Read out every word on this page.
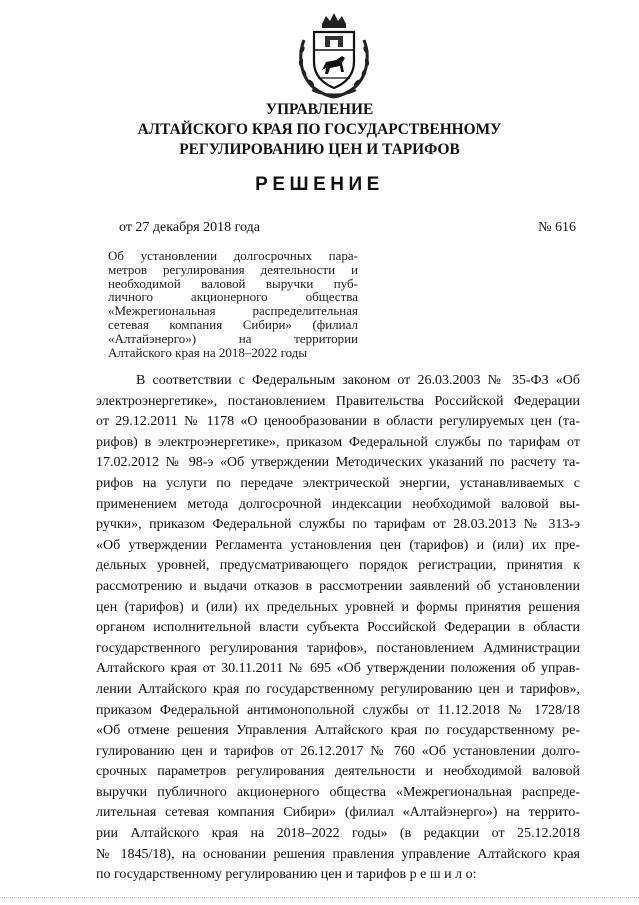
УПРАВЛЕНИЕ
АЛТАЙСКОГО КРАЯ ПО ГОСУДАРСТВЕННОМУ
РЕГУЛИРОВАНИЮ ЦЕН И ТАРИФОВ
РЕШЕНИЕ
от 27 декабря 2018 года	№ 616
Об установлении долгосрочных пара-
метров регулирования деятельности и
необходимой валовой выручки пуб-
личного акционерного общества
«Межрегиональная распределительная
сетевая компания Сибири» (филиал
«Алтайэнерго») на территории
Алтайского края на 2018–2022 годы
В соответствии с Федеральным законом от 26.03.2003 № 35-ФЗ «Об
электроэнергетике», постановлением Правительства Российской Федерации
от 29.12.2011 № 1178 «О ценообразовании в области регулируемых цен (та-
рифов) в электроэнергетике», приказом Федеральной службы по тарифам от
17.02.2012 № 98-э «Об утверждении Методических указаний по расчету та-
рифов на услуги по передаче электрической энергии, устанавливаемых с
применением метода долгосрочной индексации необходимой валовой вы-
ручки», приказом Федеральной службы по тарифам от 28.03.2013 № 313-э
«Об утверждении Регламента установления цен (тарифов) и (или) их пре-
дельных уровней, предусматривающего порядок регистрации, принятия к
рассмотрению и выдачи отказов в рассмотрении заявлений об установлении
цен (тарифов) и (или) их предельных уровней и формы принятия решения
органом исполнительной власти субъекта Российской Федерации в области
государственного регулирования тарифов», постановлением Администрации
Алтайского края от 30.11.2011 № 695 «Об утверждении положения об управ-
лении Алтайского края по государственному регулированию цен и тарифов»,
приказом Федеральной антимонопольной службы от 11.12.2018 № 1728/18
«Об отмене решения Управления Алтайского края по государственному ре-
гулированию цен и тарифов от 26.12.2017 № 760 «Об установлении долго-
срочных параметров регулирования деятельности и необходимой валовой
выручки публичного акционерного общества «Межрегиональная распреде-
лительная сетевая компания Сибири» (филиал «Алтайэнерго») на террито-
рии Алтайского края на 2018–2022 годы» (в редакции от 25.12.2018
№ 1845/18), на основании решения правления управление Алтайского края
по государственному регулированию цен и тарифов р е ш и л о:
